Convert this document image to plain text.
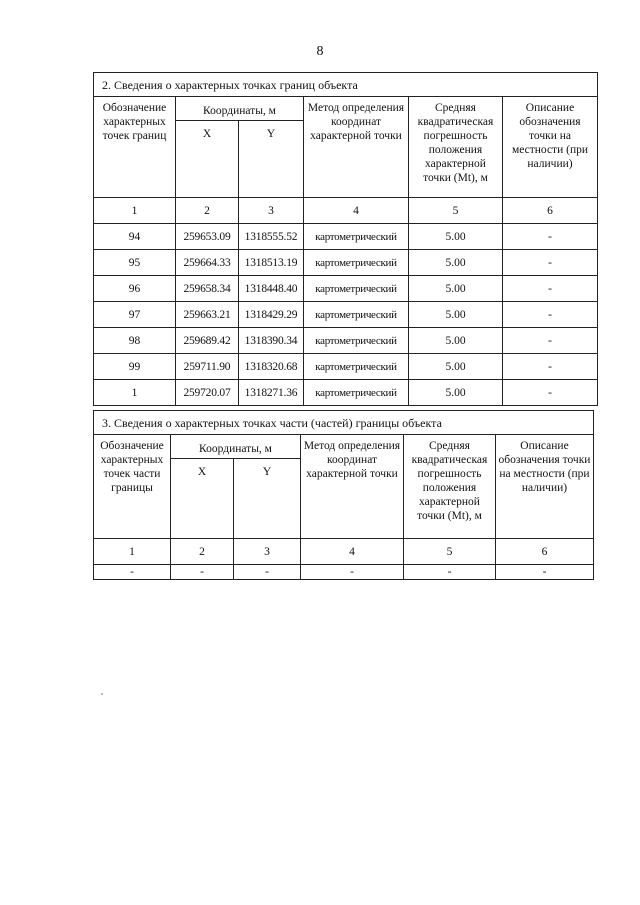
8
2. Сведения о характерных точках границ объекта					
Обозначение характерных точек границ	Координаты, м		Метод определения координат характерной точки	Средняя квадратическая погрешность положения характерной точки (Mt), м	Описание обозначения точки на местности (при наличии)
	X	Y			
1	2	3	4	5	6
94	259653.09	1318555.52	картометрический	5.00	-
95	259664.33	1318513.19	картометрический	5.00	-
96	259658.34	1318448.40	картометрический	5.00	-
97	259663.21	1318429.29	картометрический	5.00	-
98	259689.42	1318390.34	картометрический	5.00	-
99	259711.90	1318320.68	картометрический	5.00	-
1	259720.07	1318271.36	картометрический	5.00	-
3. Сведения о характерных точках части (частей) границы объекта					
Обозначение характерных точек части границы	Координаты, м		Метод определения координат характерной точки	Средняя квадратическая погрешность положения характерной точки (Mt), м	Описание обозначения точки на местности (при наличии)
	X	Y			
1	2	3	4	5	6
-	-	-	-	-	-
